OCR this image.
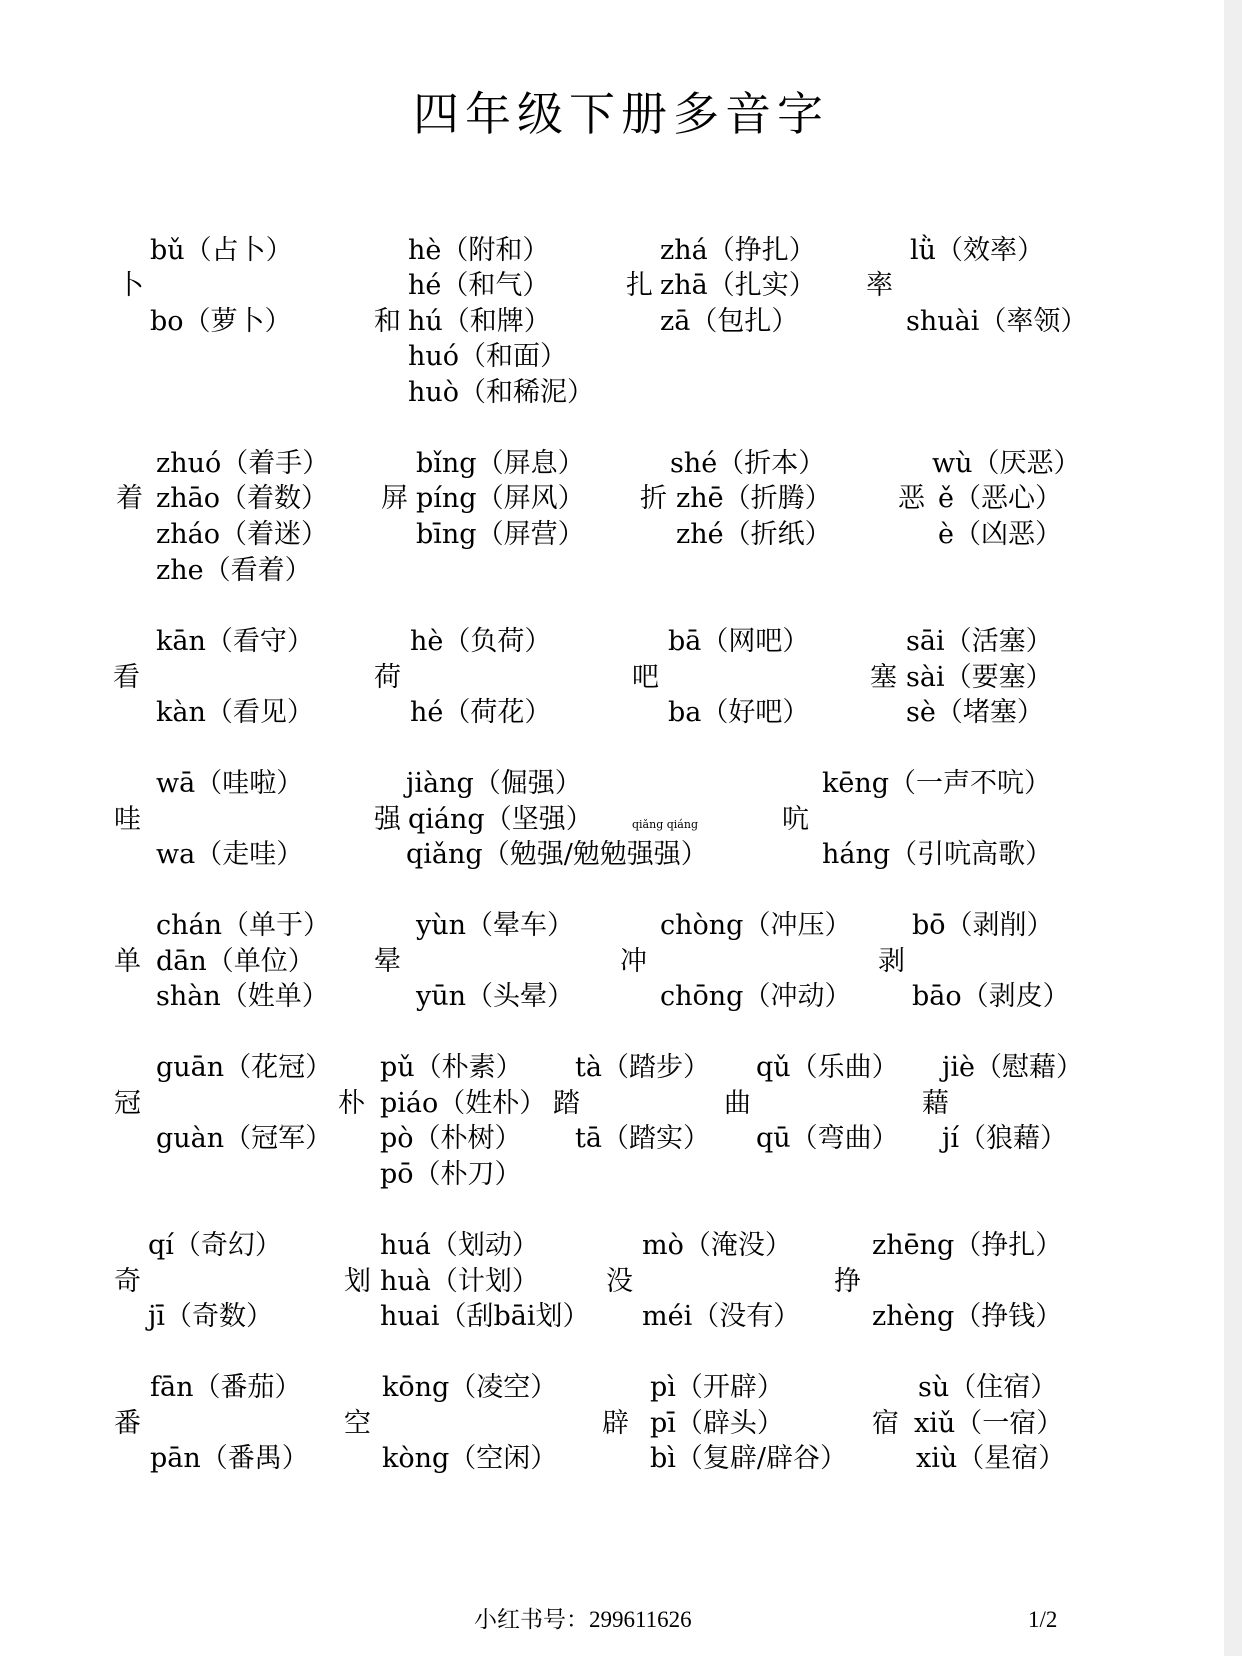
四年级下册多音字
bǔ（占卜）
卜
bo（萝卜）
hè（附和）
hé（和气）
和 hú（和牌）
huó（和面）
huò（和稀泥）
zhá（挣扎）
扎 zhā（扎实）
zā（包扎）
lǜ（效率）
率
shuài（率领）
zhuó（着手）
着 zhāo（着数）
zháo（着迷）
zhe（看着）
bǐng（屏息）
屏 píng（屏风）
bīng（屏营）
shé（折本）
折 zhē（折腾）
zhé（折纸）
wù（厌恶）
恶 ě（恶心）
è（凶恶）
kān（看守）
看
kàn（看见）
hè（负荷）
荷
hé（荷花）
bā（网吧）
吧
ba（好吧）
sāi（活塞）
塞 sài（要塞）
sè（堵塞）
wā（哇啦）
哇
wa（走哇）
jiàng（倔强）
强 qiáng（坚强）	qiǎng qiáng
qiǎng（勉强/勉勉强强）
kēng（一声不吭）
吭
háng（引吭高歌）
chán（单于）
单 dān（单位）
shàn（姓单）
yùn（晕车）
晕
yūn（头晕）
chòng（冲压）
冲
chōng（冲动）
bō（剥削）
剥
bāo（剥皮）
guān（花冠）
冠
guàn（冠军）
pǔ（朴素）
朴 piáo（姓朴）
pò（朴树）
pō（朴刀）
tà（踏步）
踏
tā（踏实）
qǔ（乐曲）
曲
qū（弯曲）
jiè（慰藉）
藉
jí（狼藉）
qí（奇幻）
奇
jī（奇数）
huá（划动）
划 huà（计划）
huai（刮bāi划）
mò（淹没）
没
méi（没有）
zhēng（挣扎）
挣
zhèng（挣钱）
fān（番茄）
番
pān（番禺）
kōng（凌空）
空
kòng（空闲）
pì（开辟）
辟 pī（辟头）
bì（复辟/辟谷）
sù（住宿）
宿 xiǔ（一宿）
xiù（星宿）
小红书号：299611626	1/2
